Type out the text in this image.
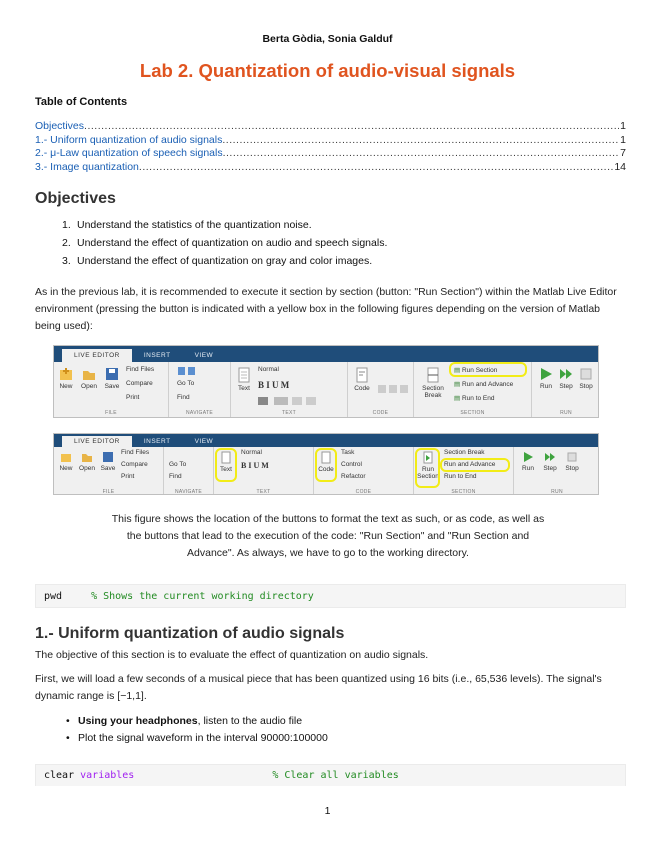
Berta Gòdia, Sonia Galduf
Lab 2. Quantization of audio-visual signals
Table of Contents
Objectives .....	1
1.- Uniform quantization of audio signals .....	1
2.- μ-Law quantization of speech signals .....	7
3.- Image quantization .....	14
Objectives
1. Understand the statistics of the quantization noise.
2. Understand the effect of quantization on audio and speech signals.
3. Understand the effect of quantization on gray and color images.
As in the previous lab, it is recommended to execute it section by section (button: "Run Section") within the Matlab Live Editor environment (pressing the button is indicated with a yellow box in the following figures depending on the version of Matlab being used):
LIVE EDITOR	INSERT	VIEW
New	Open	Save
Find Files
Compare
Print
FILE
Go To
Find
NAVIGATE
Text
Normal
B I U M
TEXT
Code
CODE
Section Break
▤ Run Section
▤ Run and Advance
▤ Run to End
SECTION
Run	Step	Stop
RUN
LIVE EDITOR	INSERT	VIEW
New	Open Save
Find Files
Compare
Print
FILE
Go To
Find
NAVIGATE
Text
Normal
B I U M
TEXT
Code
Task
Control
Refactor
CODE
Run Section
Section Break
Run and Advance
Run to End
SECTION
Run	Step	Stop
RUN
This figure shows the location of the buttons to format the text as such, or as code, as well as the buttons that lead to the execution of the code: "Run Section" and "Run Section and Advance". As always, we have to go to the working directory.
pwd	% Shows the current working directory
1.- Uniform quantization of audio signals
The objective of this section is to evaluate the effect of quantization on audio signals.
First, we will load a few seconds of a musical piece that has been quantized using 16 bits (i.e., 65,536 levels). The signal's dynamic range is [−1,1].
• Using your headphones, listen to the audio file
• Plot the signal waveform in the interval 90000:100000
clear
variables	% Clear all variables
1
